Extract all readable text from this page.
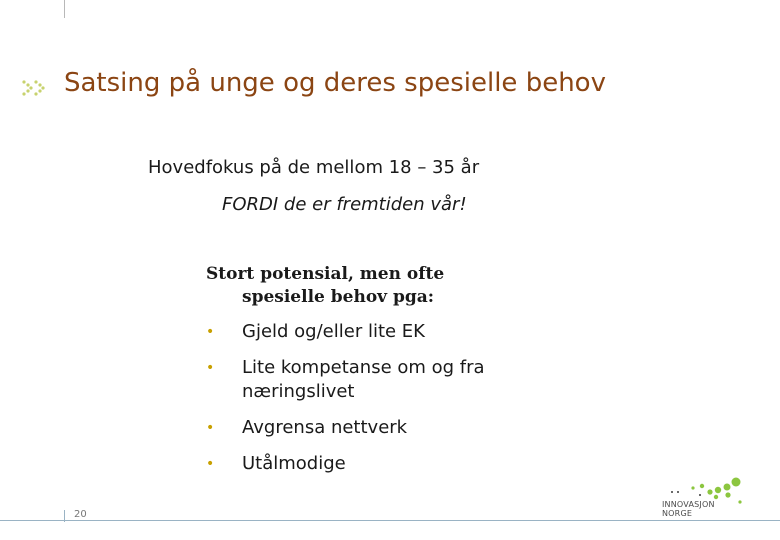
Satsing på unge og deres spesielle behov
Hovedfokus på de mellom 18 – 35 år
FORDI de er fremtiden vår!
Stort potensial, men ofte
spesielle behov pga:
• Gjeld og/eller lite EK
• Lite kompetanse om og fra næringslivet
• Avgrensa nettverk
• Utålmodige
20
INNOVASJON
NORGE
